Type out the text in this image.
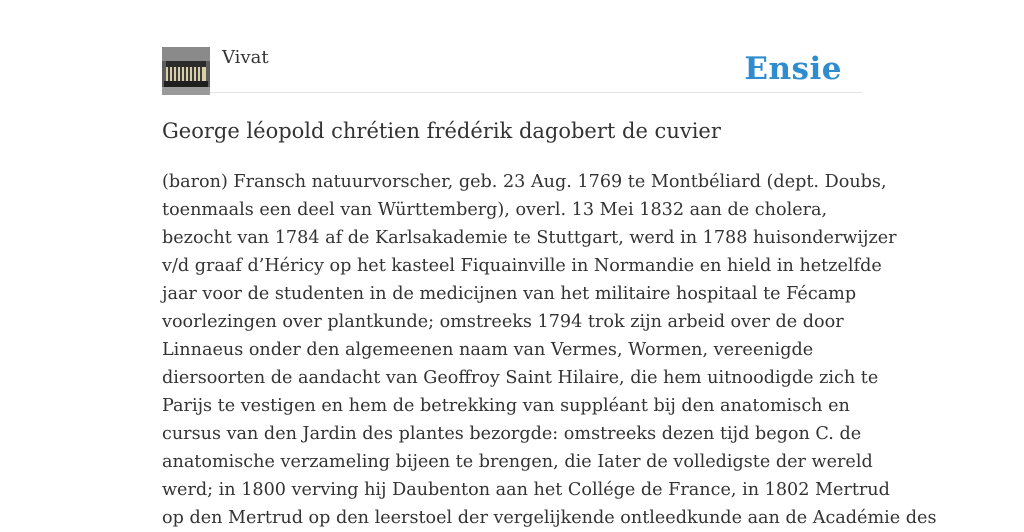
Vivat	Ensie
George léopold chrétien frédérik dagobert de cuvier
(baron) Fransch natuurvorscher, geb. 23 Aug. 1769 te Montbéliard (dept. Doubs,
toenmaals een deel van Württemberg), overl. 13 Mei 1832 aan de cholera,
bezocht van 1784 af de Karlsakademie te Stuttgart, werd in 1788 huisonderwijzer
v/d graaf d’Héricy op het kasteel Fiquainville in Normandie en hield in hetzelfde
jaar voor de studenten in de medicijnen van het militaire hospitaal te Fécamp
voorlezingen over plantkunde; omstreeks 1794 trok zijn arbeid over de door
Linnaeus onder den algemeenen naam van Vermes, Wormen, vereenigde
diersoorten de aandacht van Geoffroy Saint Hilaire, die hem uitnoodigde zich te
Parijs te vestigen en hem de betrekking van suppléant bij den anatomisch en
cursus van den Jardin des plantes bezorgde: omstreeks dezen tijd begon C. de
anatomische verzameling bijeen te brengen, die Iater de volledigste der wereld
werd; in 1800 verving hij Daubenton aan het Collége de France, in 1802 Mertrud
op den Mertrud op den leerstoel der vergelijkende ontleedkunde aan de Académie des
